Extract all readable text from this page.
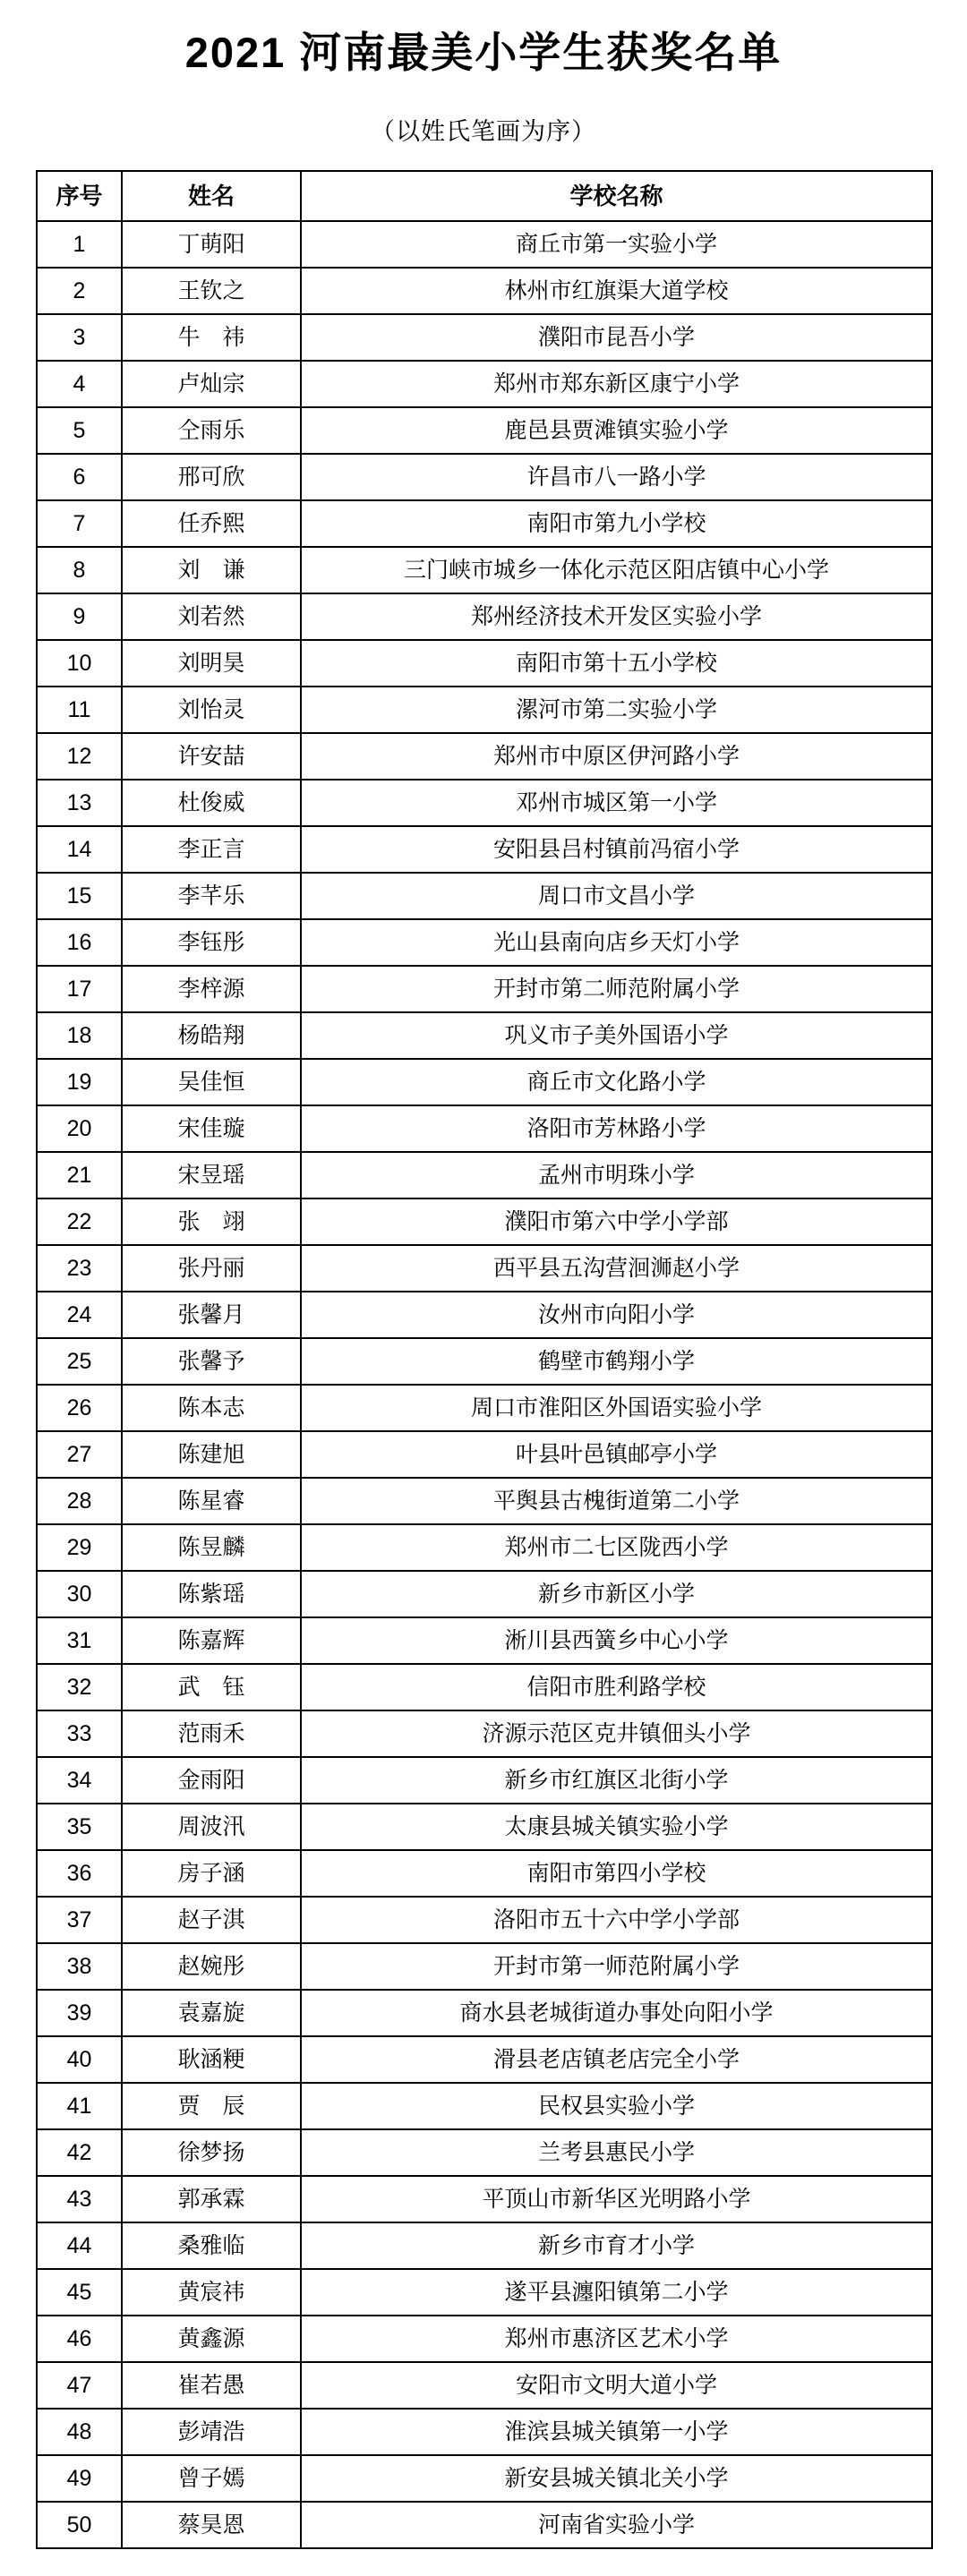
2021 河南最美小学生获奖名单
（以姓氏笔画为序）
序号	姓名	学校名称
1	丁萌阳	商丘市第一实验小学
2	王钦之	林州市红旗渠大道学校
3	牛　祎	濮阳市昆吾小学
4	卢灿宗	郑州市郑东新区康宁小学
5	仝雨乐	鹿邑县贾滩镇实验小学
6	邢可欣	许昌市八一路小学
7	任乔熙	南阳市第九小学校
8	刘　谦	三门峡市城乡一体化示范区阳店镇中心小学
9	刘若然	郑州经济技术开发区实验小学
10	刘明昊	南阳市第十五小学校
11	刘怡灵	漯河市第二实验小学
12	许安喆	郑州市中原区伊河路小学
13	杜俊威	邓州市城区第一小学
14	李正言	安阳县吕村镇前冯宿小学
15	李芊乐	周口市文昌小学
16	李钰彤	光山县南向店乡天灯小学
17	李梓源	开封市第二师范附属小学
18	杨皓翔	巩义市子美外国语小学
19	吴佳恒	商丘市文化路小学
20	宋佳璇	洛阳市芳林路小学
21	宋昱瑶	孟州市明珠小学
22	张　翊	濮阳市第六中学小学部
23	张丹丽	西平县五沟营洄浉赵小学
24	张馨月	汝州市向阳小学
25	张馨予	鹤壁市鹤翔小学
26	陈本志	周口市淮阳区外国语实验小学
27	陈建旭	叶县叶邑镇邮亭小学
28	陈星睿	平舆县古槐街道第二小学
29	陈昱麟	郑州市二七区陇西小学
30	陈紫瑶	新乡市新区小学
31	陈嘉辉	淅川县西簧乡中心小学
32	武　钰	信阳市胜利路学校
33	范雨禾	济源示范区克井镇佃头小学
34	金雨阳	新乡市红旗区北街小学
35	周波汛	太康县城关镇实验小学
36	房子涵	南阳市第四小学校
37	赵子淇	洛阳市五十六中学小学部
38	赵婉彤	开封市第一师范附属小学
39	袁嘉旋	商水县老城街道办事处向阳小学
40	耿涵粳	滑县老店镇老店完全小学
41	贾　辰	民权县实验小学
42	徐梦扬	兰考县惠民小学
43	郭承霖	平顶山市新华区光明路小学
44	桑雅临	新乡市育才小学
45	黄宸祎	遂平县瀍阳镇第二小学
46	黄鑫源	郑州市惠济区艺术小学
47	崔若愚	安阳市文明大道小学
48	彭靖浩	淮滨县城关镇第一小学
49	曾子嫣	新安县城关镇北关小学
50	蔡昊恩	河南省实验小学
